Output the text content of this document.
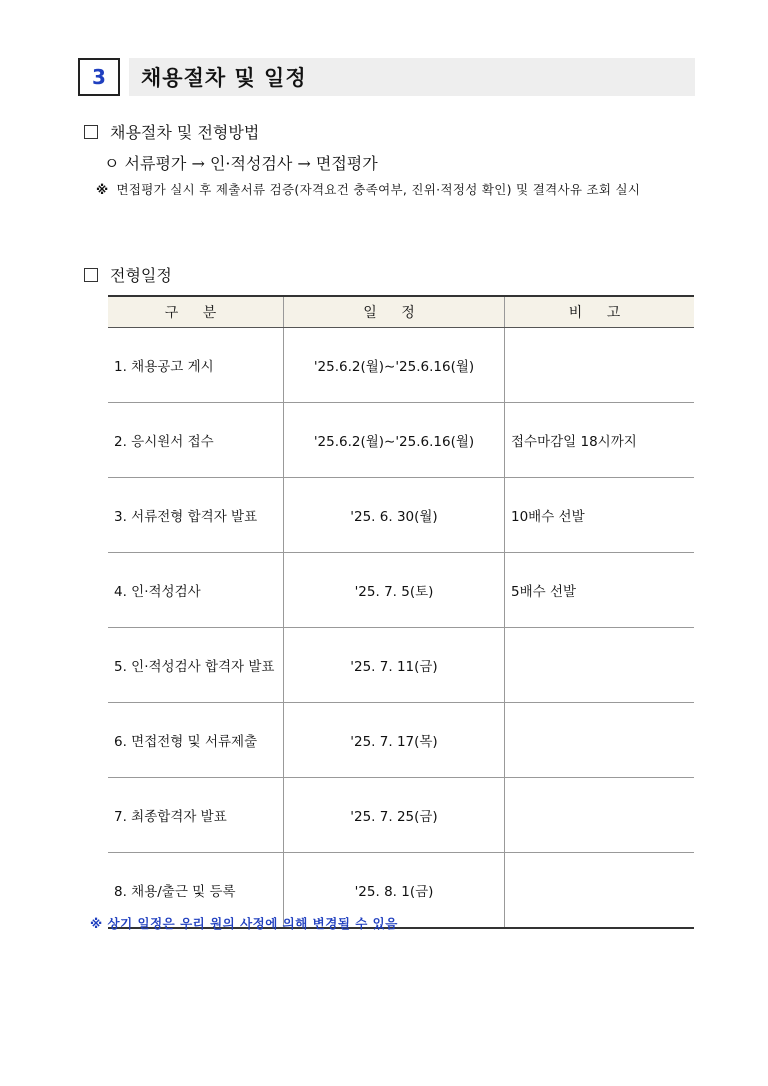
3	채용절차 및 일정
채용절차 및 전형방법
ㅇ 서류평가 → 인·적성검사 → 면접평가
※ 면접평가 실시 후 제출서류 검증(자격요건 충족여부, 진위·적정성 확인) 및 결격사유 조회 실시
전형일정
구 분	일 정	비 고
1. 채용공고 게시	'25.6.2(월)∼'25.6.16(월)	
2. 응시원서 접수	'25.6.2(월)∼'25.6.16(월)	접수마감일 18시까지
3. 서류전형 합격자 발표	'25. 6. 30(월)	10배수 선발
4. 인·적성검사	'25. 7. 5(토)	5배수 선발
5. 인·적성검사 합격자 발표	'25. 7. 11(금)	
6. 면접전형 및 서류제출	'25. 7. 17(목)	
7. 최종합격자 발표	'25. 7. 25(금)	
8. 채용/출근 및 등록	'25. 8. 1(금)	
※ 상기 일정은 우리 원의 사정에 의해 변경될 수 있음
